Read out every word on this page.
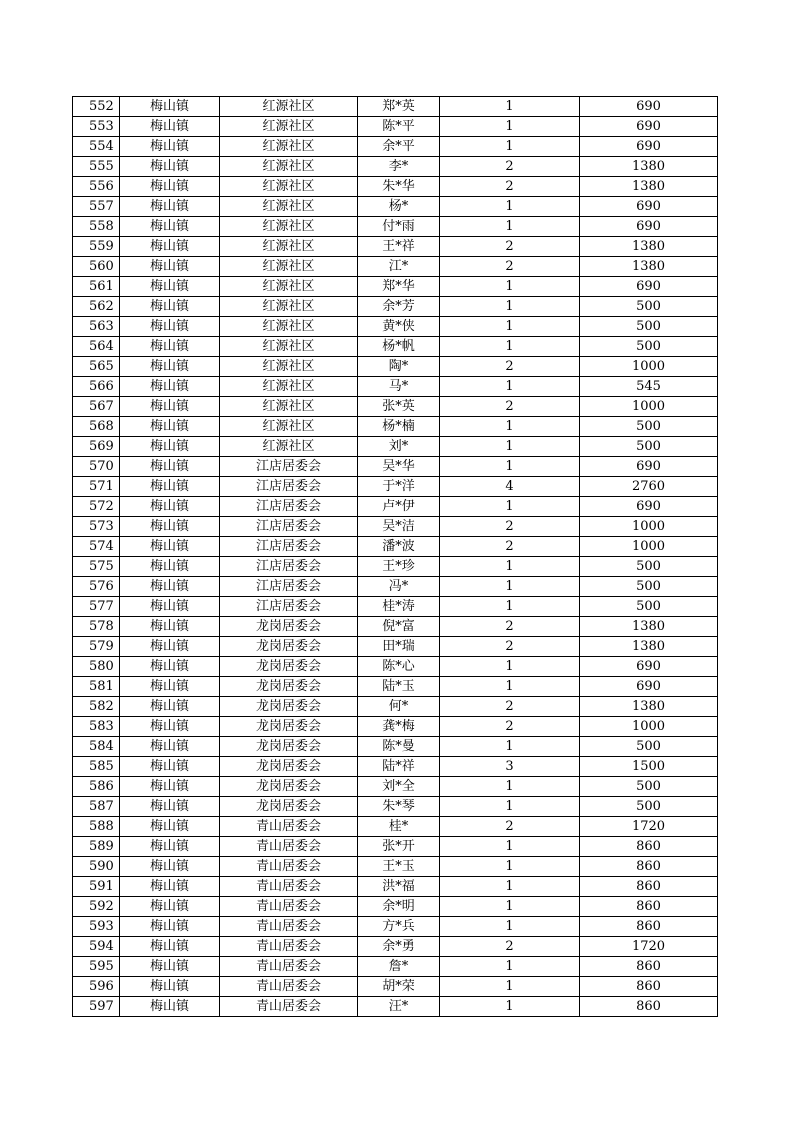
552	梅山镇	红源社区	郑*英	1	690
553	梅山镇	红源社区	陈*平	1	690
554	梅山镇	红源社区	余*平	1	690
555	梅山镇	红源社区	李*	2	1380
556	梅山镇	红源社区	朱*华	2	1380
557	梅山镇	红源社区	杨*	1	690
558	梅山镇	红源社区	付*雨	1	690
559	梅山镇	红源社区	王*祥	2	1380
560	梅山镇	红源社区	江*	2	1380
561	梅山镇	红源社区	郑*华	1	690
562	梅山镇	红源社区	余*芳	1	500
563	梅山镇	红源社区	黄*侠	1	500
564	梅山镇	红源社区	杨*帆	1	500
565	梅山镇	红源社区	陶*	2	1000
566	梅山镇	红源社区	马*	1	545
567	梅山镇	红源社区	张*英	2	1000
568	梅山镇	红源社区	杨*楠	1	500
569	梅山镇	红源社区	刘*	1	500
570	梅山镇	江店居委会	吴*华	1	690
571	梅山镇	江店居委会	于*洋	4	2760
572	梅山镇	江店居委会	卢*伊	1	690
573	梅山镇	江店居委会	吴*洁	2	1000
574	梅山镇	江店居委会	潘*波	2	1000
575	梅山镇	江店居委会	王*珍	1	500
576	梅山镇	江店居委会	冯*	1	500
577	梅山镇	江店居委会	桂*涛	1	500
578	梅山镇	龙岗居委会	倪*富	2	1380
579	梅山镇	龙岗居委会	田*瑞	2	1380
580	梅山镇	龙岗居委会	陈*心	1	690
581	梅山镇	龙岗居委会	陆*玉	1	690
582	梅山镇	龙岗居委会	何*	2	1380
583	梅山镇	龙岗居委会	龚*梅	2	1000
584	梅山镇	龙岗居委会	陈*曼	1	500
585	梅山镇	龙岗居委会	陆*祥	3	1500
586	梅山镇	龙岗居委会	刘*全	1	500
587	梅山镇	龙岗居委会	朱*琴	1	500
588	梅山镇	青山居委会	桂*	2	1720
589	梅山镇	青山居委会	张*开	1	860
590	梅山镇	青山居委会	王*玉	1	860
591	梅山镇	青山居委会	洪*福	1	860
592	梅山镇	青山居委会	余*明	1	860
593	梅山镇	青山居委会	方*兵	1	860
594	梅山镇	青山居委会	余*勇	2	1720
595	梅山镇	青山居委会	詹*	1	860
596	梅山镇	青山居委会	胡*荣	1	860
597	梅山镇	青山居委会	汪*	1	860
